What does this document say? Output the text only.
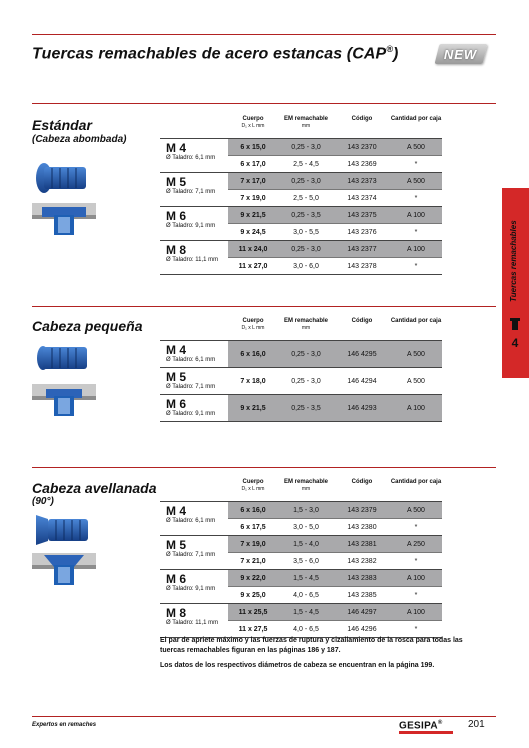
Tuercas remachables de acero estancas (CAP®)	NEW
Tuercas remachables
4
Estándar
(Cabeza abombada)
Cuerpo
D₁ x L mm
EM remachable
mm
Código	Cantidad por caja
M 4
Ø Taladro: 6,1 mm
6 x 15,0	0,25 - 3,0	143 2370	A 500
6 x 17,0	2,5 - 4,5	143 2369	*
M 5
Ø Taladro: 7,1 mm
7 x 17,0	0,25 - 3,0	143 2373	A 500
7 x 19,0	2,5 - 5,0	143 2374	*
M 6
Ø Taladro: 9,1 mm
9 x 21,5	0,25 - 3,5	143 2375	A 100
9 x 24,5	3,0 - 5,5	143 2376	*
M 8
Ø Taladro: 11,1 mm
11 x 24,0	0,25 - 3,0	143 2377	A 100
11 x 27,0	3,0 - 6,0	143 2378	*
Cabeza pequeña	Cuerpo
D₁ x L mm
EM remachable
mm
Código	Cantidad por caja
M 4
Ø Taladro: 6,1 mm
6 x 16,0	0,25 - 3,0	146 4295	A 500
M 5
Ø Taladro: 7,1 mm
7 x 18,0	0,25 - 3,0	146 4294	A 500
M 6
Ø Taladro: 9,1 mm
9 x 21,5	0,25 - 3,5	146 4293	A 100
Cabeza avellanada
(90°)
Cuerpo
D₁ x L mm
EM remachable
mm
Código	Cantidad por caja
M 4
Ø Taladro: 6,1 mm
6 x 16,0	1,5 - 3,0	143 2379	A 500
6 x 17,5	3,0 - 5,0	143 2380	*
M 5
Ø Taladro: 7,1 mm
7 x 19,0	1,5 - 4,0	143 2381	A 250
7 x 21,0	3,5 - 6,0	143 2382	*
M 6
Ø Taladro: 9,1 mm
9 x 22,0	1,5 - 4,5	143 2383	A 100
9 x 25,0	4,0 - 6,5	143 2385	*
M 8
Ø Taladro: 11,1 mm
11 x 25,5	1,5 - 4,5	146 4297	A 100
11 x 27,5	4,0 - 6,5	146 4296	*
El par de apriete máximo y las fuerzas de ruptura y cizallamiento de la rosca para todas las tuercas remachables figuran en las páginas 186 y 187.
Los datos de los respectivos diámetros de cabeza se encuentran en la página 199.
Expertos en remaches	GESIPA®	201
